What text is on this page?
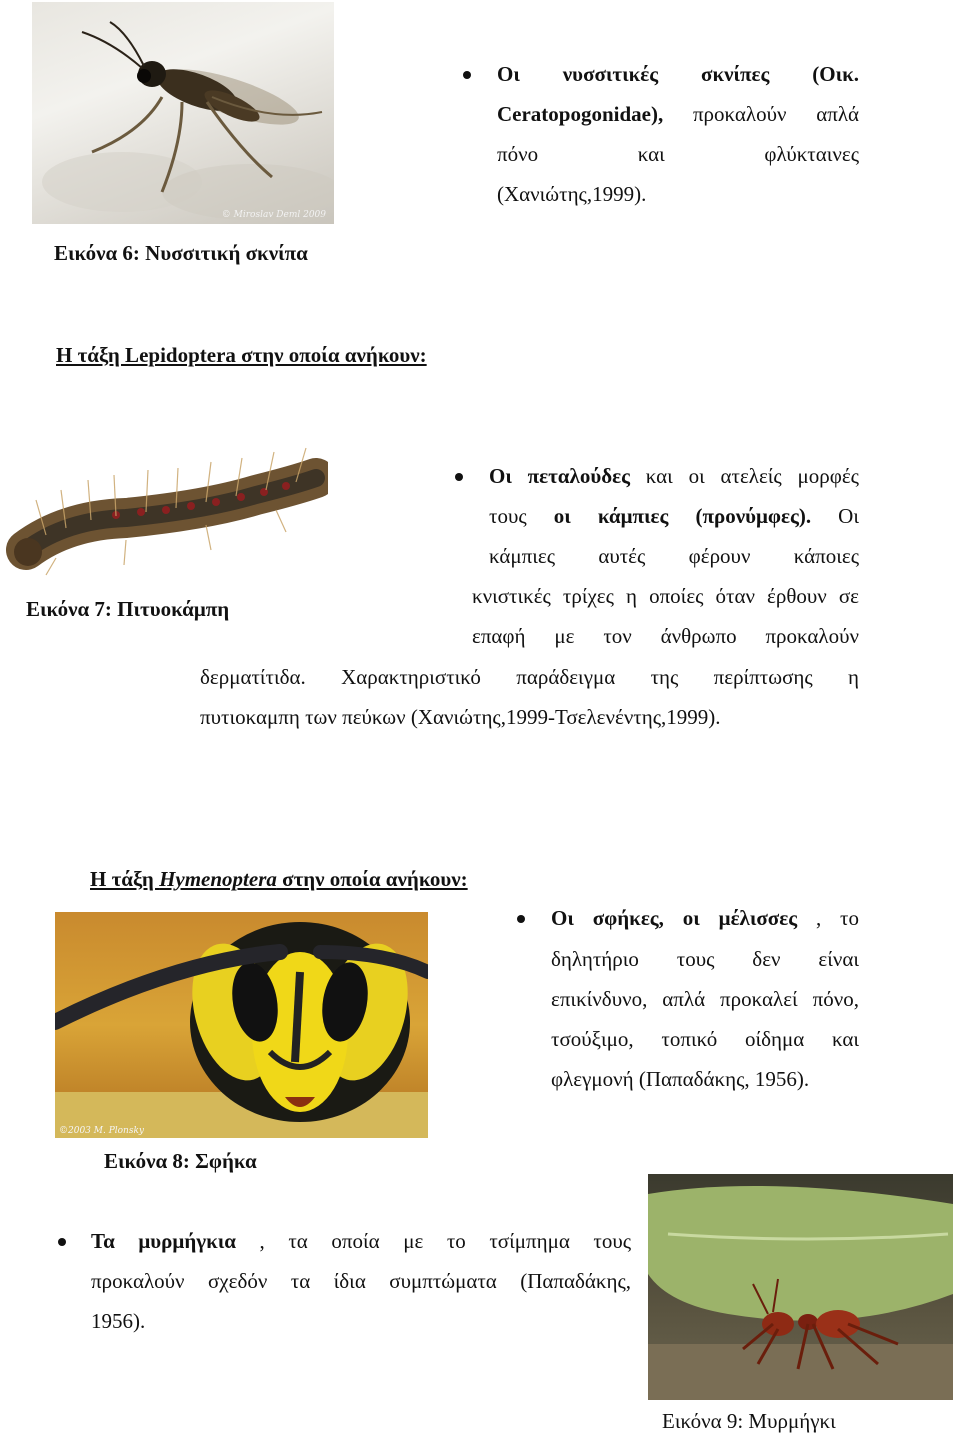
© Miroslav Deml 2009
Οι νυσσιτικές σκνίπες (Οικ.
Ceratopogonidae), προκαλούν απλά
πόνο	και	φλύκταινες
(Χανιώτης,1999).
Εικόνα 6: Νυσσιτική σκνίπα
Η τάξη Lepidoptera στην οποία ανήκουν:
Οι πεταλούδες και οι ατελείς μορφές
τους οι κάμπιες (προνύμφες). Οι
κάμπιες αυτές φέρουν κάποιες
κνιστικές τρίχες η οποίες όταν έρθουν σε
επαφή με τον άνθρωπο προκαλούν
δερματίτιδα. Χαρακτηριστικό παράδειγμα της περίπτωσης η
πυτιοκαμπη των πεύκων (Χανιώτης,1999-Τσελενέντης,1999).
Εικόνα 7: Πιτυοκάμπη
Η τάξη Hymenoptera στην οποία ανήκουν:
©2003 M. Plonsky
Οι σφήκες, οι μέλισσες , το
δηλητήριο τους δεν είναι
επικίνδυνο, απλά προκαλεί πόνο,
τσούξιμο, τοπικό οίδημα και
φλεγμονή (Παπαδάκης, 1956).
Εικόνα 8: Σφήκα
Τα μυρμήγκια , τα οποία με το τσίμπημα τους
προκαλούν σχεδόν τα ίδια συμπτώματα (Παπαδάκης,
1956).
Εικόνα 9: Μυρμήγκι
